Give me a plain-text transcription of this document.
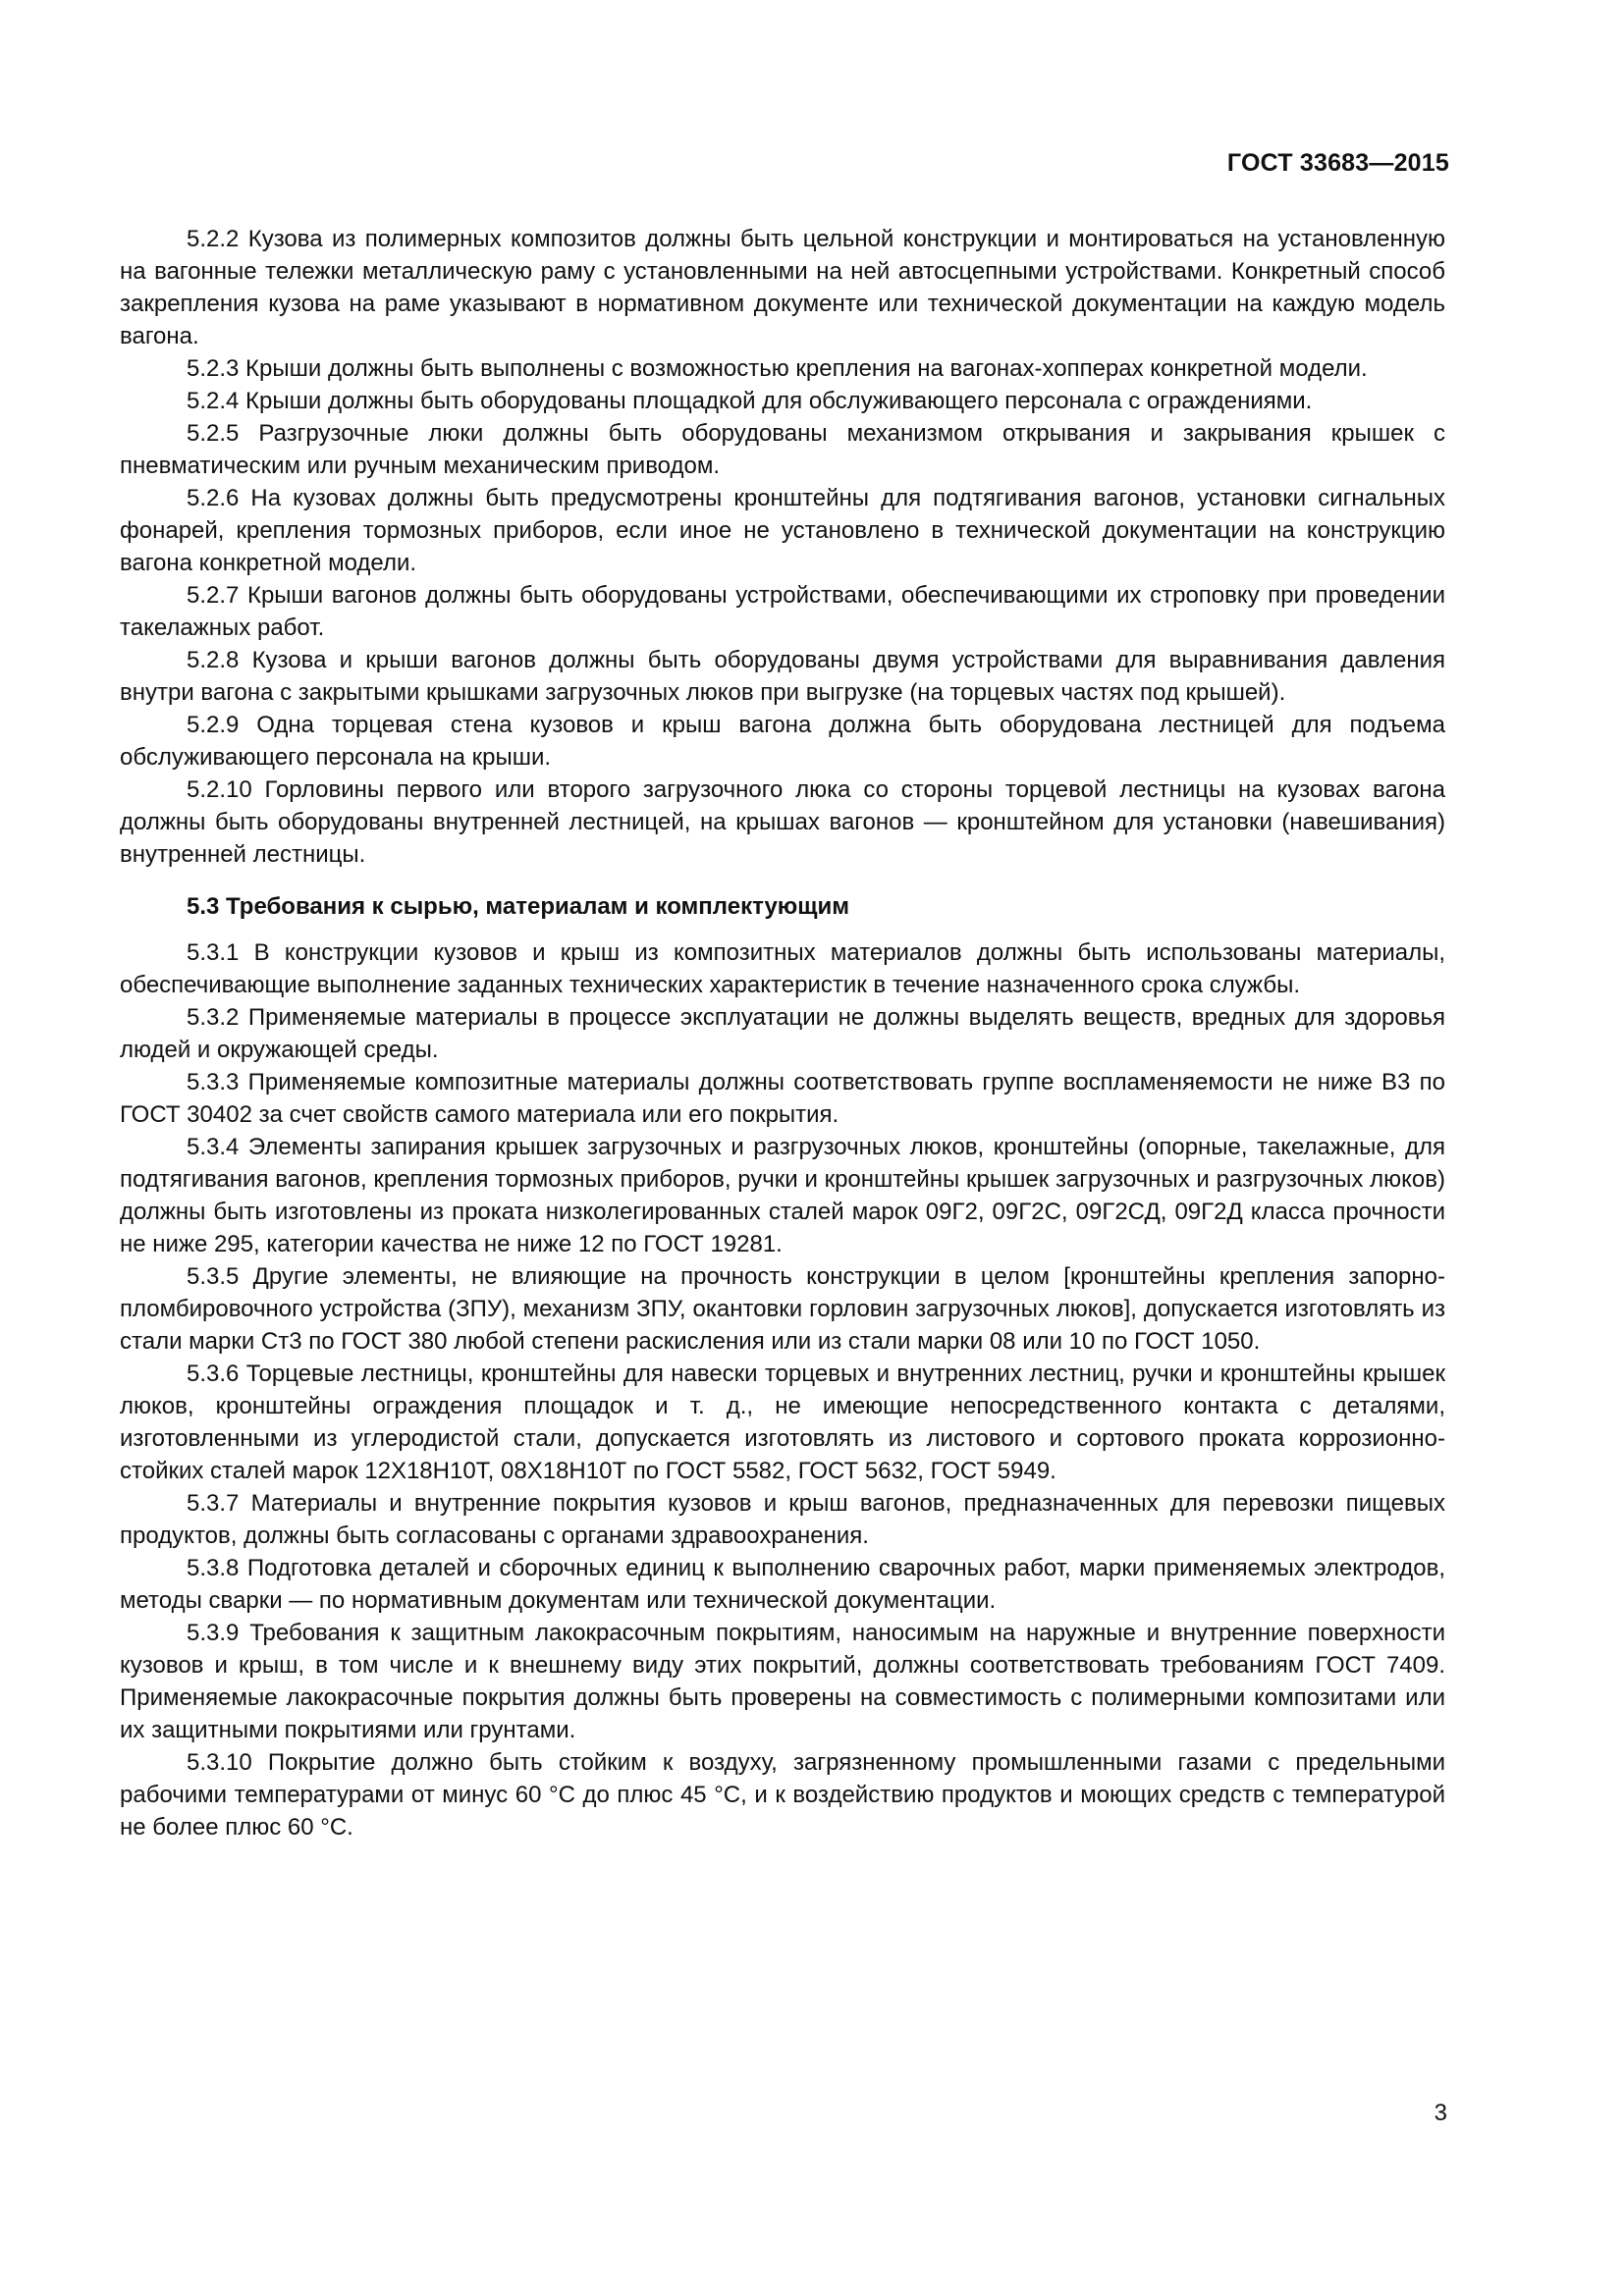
ГОСТ 33683—2015

5.2.2 Кузова из полимерных композитов должны быть цельной конструкции и монтироваться на установленную на вагонные тележки металлическую раму с установленными на ней автосцепными устройствами. Конкретный способ закрепления кузова на раме указывают в нормативном документе или технической документации на каждую модель вагона.

5.2.3 Крыши должны быть выполнены с возможностью крепления на вагонах-хопперах конкретной модели.

5.2.4 Крыши должны быть оборудованы площадкой для обслуживающего персонала с ограждениями.

5.2.5 Разгрузочные люки должны быть оборудованы механизмом открывания и закрывания крышек с пневматическим или ручным механическим приводом.

5.2.6 На кузовах должны быть предусмотрены кронштейны для подтягивания вагонов, установки сигнальных фонарей, крепления тормозных приборов, если иное не установлено в технической документации на конструкцию вагона конкретной модели.

5.2.7 Крыши вагонов должны быть оборудованы устройствами, обеспечивающими их строповку при проведении такелажных работ.

5.2.8 Кузова и крыши вагонов должны быть оборудованы двумя устройствами для выравнивания давления внутри вагона с закрытыми крышками загрузочных люков при выгрузке (на торцевых частях под крышей).

5.2.9 Одна торцевая стена кузовов и крыш вагона должна быть оборудована лестницей для подъема обслуживающего персонала на крыши.

5.2.10 Горловины первого или второго загрузочного люка со стороны торцевой лестницы на кузовах вагона должны быть оборудованы внутренней лестницей, на крышах вагонов — кронштейном для установки (навешивания) внутренней лестницы.

5.3 Требования к сырью, материалам и комплектующим

5.3.1 В конструкции кузовов и крыш из композитных материалов должны быть использованы материалы, обеспечивающие выполнение заданных технических характеристик в течение назначенного срока службы.

5.3.2 Применяемые материалы в процессе эксплуатации не должны выделять веществ, вредных для здоровья людей и окружающей среды.

5.3.3 Применяемые композитные материалы должны соответствовать группе воспламеняемости не ниже В3 по ГОСТ 30402 за счет свойств самого материала или его покрытия.

5.3.4 Элементы запирания крышек загрузочных и разгрузочных люков, кронштейны (опорные, такелажные, для подтягивания вагонов, крепления тормозных приборов, ручки и кронштейны крышек загрузочных и разгрузочных люков) должны быть изготовлены из проката низколегированных сталей марок 09Г2, 09Г2С, 09Г2СД, 09Г2Д класса прочности не ниже 295, категории качества не ниже 12 по ГОСТ 19281.

5.3.5 Другие элементы, не влияющие на прочность конструкции в целом [кронштейны крепления запорно-пломбировочного устройства (ЗПУ), механизм ЗПУ, окантовки горловин загрузочных люков], допускается изготовлять из стали марки Ст3 по ГОСТ 380 любой степени раскисления или из стали марки 08 или 10 по ГОСТ 1050.

5.3.6 Торцевые лестницы, кронштейны для навески торцевых и внутренних лестниц, ручки и кронштейны крышек люков, кронштейны ограждения площадок и т. д., не имеющие непосредственного контакта с деталями, изготовленными из углеродистой стали, допускается изготовлять из листового и сортового проката коррозионно-стойких сталей марок 12Х18Н10Т, 08Х18Н10Т по ГОСТ 5582, ГОСТ 5632, ГОСТ 5949.

5.3.7 Материалы и внутренние покрытия кузовов и крыш вагонов, предназначенных для перевозки пищевых продуктов, должны быть согласованы с органами здравоохранения.

5.3.8 Подготовка деталей и сборочных единиц к выполнению сварочных работ, марки применяемых электродов, методы сварки — по нормативным документам или технической документации.

5.3.9 Требования к защитным лакокрасочным покрытиям, наносимым на наружные и внутренние поверхности кузовов и крыш, в том числе и к внешнему виду этих покрытий, должны соответствовать требованиям ГОСТ 7409. Применяемые лакокрасочные покрытия должны быть проверены на совместимость с полимерными композитами или их защитными покрытиями или грунтами.

5.3.10 Покрытие должно быть стойким к воздуху, загрязненному промышленными газами с предельными рабочими температурами от минус 60 °С до плюс 45 °С, и к воздействию продуктов и моющих средств с температурой не более плюс 60 °С.

3
